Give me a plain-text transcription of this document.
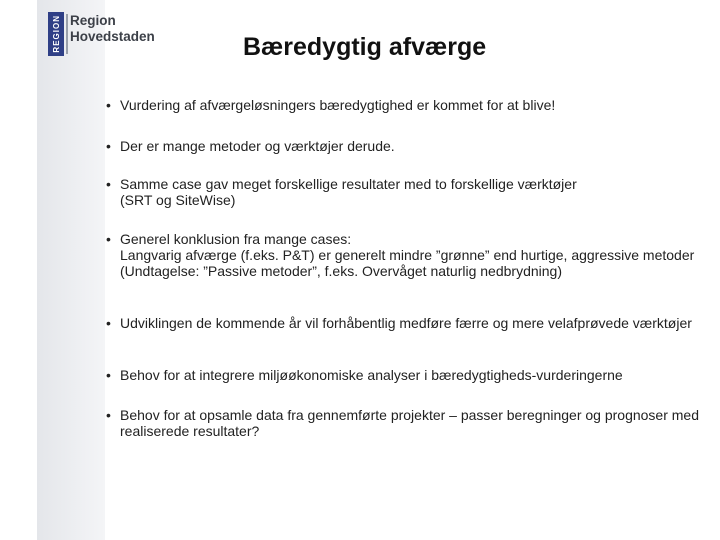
REGION Region
Hovedstaden	Bæredygtig afværge
• Vurdering af afværgeløsningers bæredygtighed er kommet for at blive!
• Der er mange metoder og værktøjer derude.
• Samme case gav meget forskellige resultater med to forskellige værktøjer
(SRT og SiteWise)
• Generel konklusion fra mange cases:
Langvarig afværge (f.eks. P&T) er generelt mindre ”grønne” end hurtige, aggressive metoder
(Undtagelse: ”Passive metoder”, f.eks. Overvåget naturlig nedbrydning)
• Udviklingen de kommende år vil forhåbentlig medføre færre og mere velafprøvede værktøjer
• Behov for at integrere miljøøkonomiske analyser i bæredygtigheds-vurderingerne
• Behov for at opsamle data fra gennemførte projekter – passer beregninger og prognoser med realiserede resultater?
